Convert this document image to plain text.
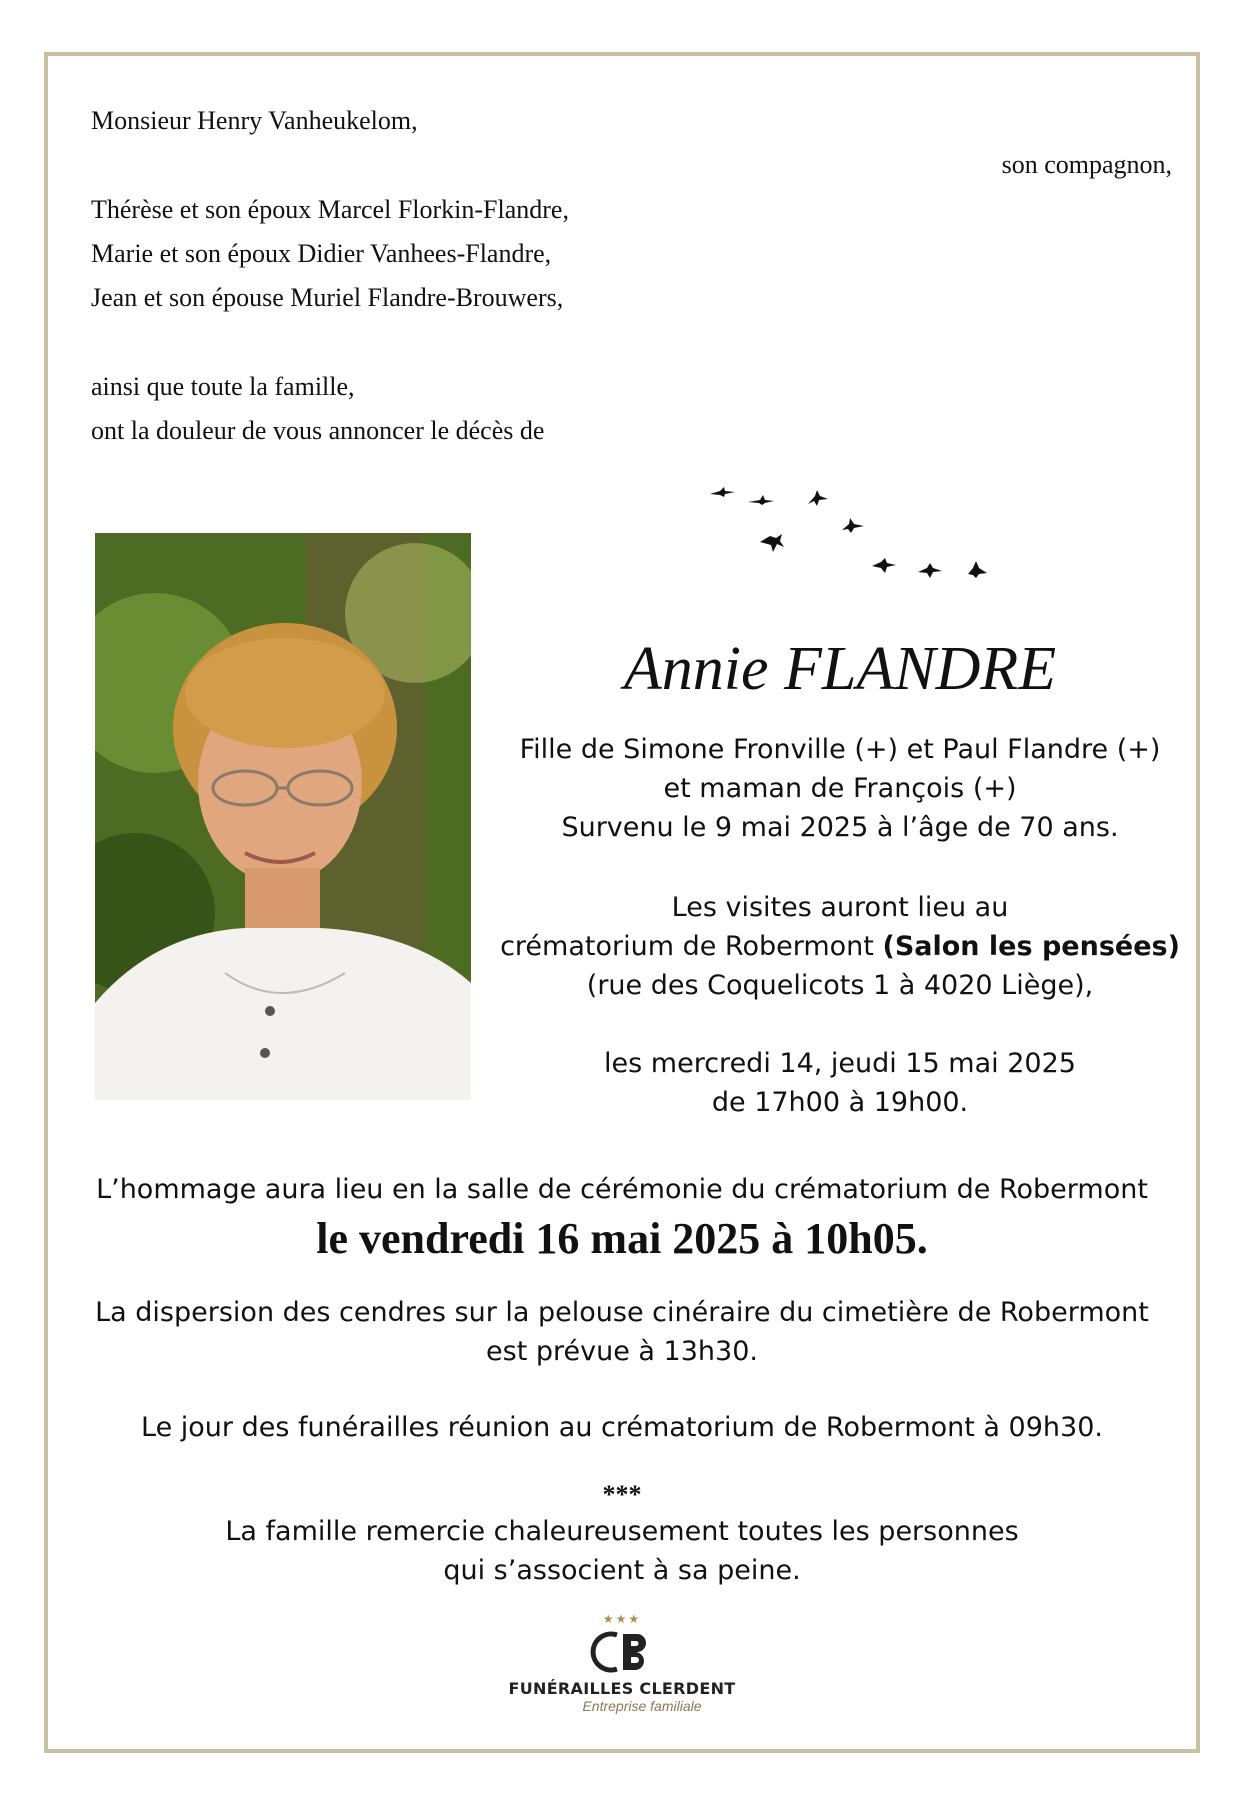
Monsieur Henry Vanheukelom,
son compagnon,
Thérèse et son époux Marcel Florkin-Flandre,
Marie et son époux Didier Vanhees-Flandre,
Jean et son épouse Muriel Flandre-Brouwers,
ainsi que toute la famille,
ont la douleur de vous annoncer le décès de
Annie FLANDRE
Fille de Simone Fronville (+) et Paul Flandre (+)
et maman de François (+)
Survenu le 9 mai 2025 à l’âge de 70 ans.
Les visites auront lieu au
crématorium de Robermont (Salon les pensées)
(rue des Coquelicots 1 à 4020 Liège),
les mercredi 14, jeudi 15 mai 2025
de 17h00 à 19h00.
L’hommage aura lieu en la salle de cérémonie du crématorium de Robermont
le vendredi 16 mai 2025 à 10h05.
La dispersion des cendres sur la pelouse cinéraire du cimetière de Robermont
est prévue à 13h30.
Le jour des funérailles réunion au crématorium de Robermont à 09h30.
***
La famille remercie chaleureusement toutes les personnes
qui s’associent à sa peine.
★★★
FUNÉRAILLES CLERDENT
Entreprise familiale
